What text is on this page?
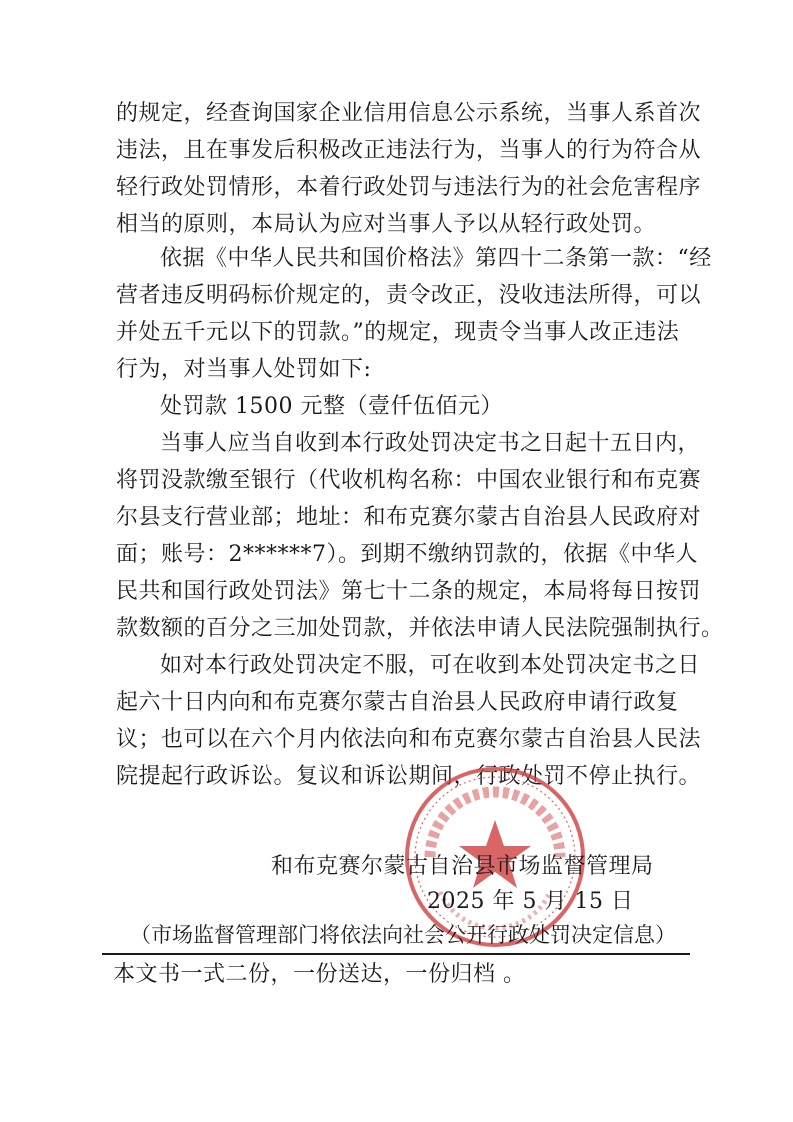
的规定，经查询国家企业信用信息公示系统，当事人系首次
违法，且在事发后积极改正违法行为，当事人的行为符合从
轻行政处罚情形，本着行政处罚与违法行为的社会危害程序
相当的原则，本局认为应对当事人予以从轻行政处罚。
依据《中华人民共和国价格法》第四十二条第一款：“经
营者违反明码标价规定的，责令改正，没收违法所得，可以
并处五千元以下的罚款。”的规定，现责令当事人改正违法
行为，对当事人处罚如下:
处罚款 1500 元整（壹仟伍佰元）
当事人应当自收到本行政处罚决定书之日起十五日内，
将罚没款缴至银行（代收机构名称：中国农业银行和布克赛
尔县支行营业部；地址：和布克赛尔蒙古自治县人民政府对
面；账号：2******7）。到期不缴纳罚款的，依据《中华人
民共和国行政处罚法》第七十二条的规定，本局将每日按罚
款数额的百分之三加处罚款，并依法申请人民法院强制执行。
如对本行政处罚决定不服，可在收到本处罚决定书之日
起六十日内向和布克赛尔蒙古自治县人民政府申请行政复
议；也可以在六个月内依法向和布克赛尔蒙古自治县人民法
院提起行政诉讼。复议和诉讼期间，行政处罚不停止执行。
和布克赛尔蒙古自治县市场监督管理局
2025 年 5 月 15 日
（市场监督管理部门将依法向社会公开行政处罚决定信息）
本文书一式二份，一份送达，一份归档 。
